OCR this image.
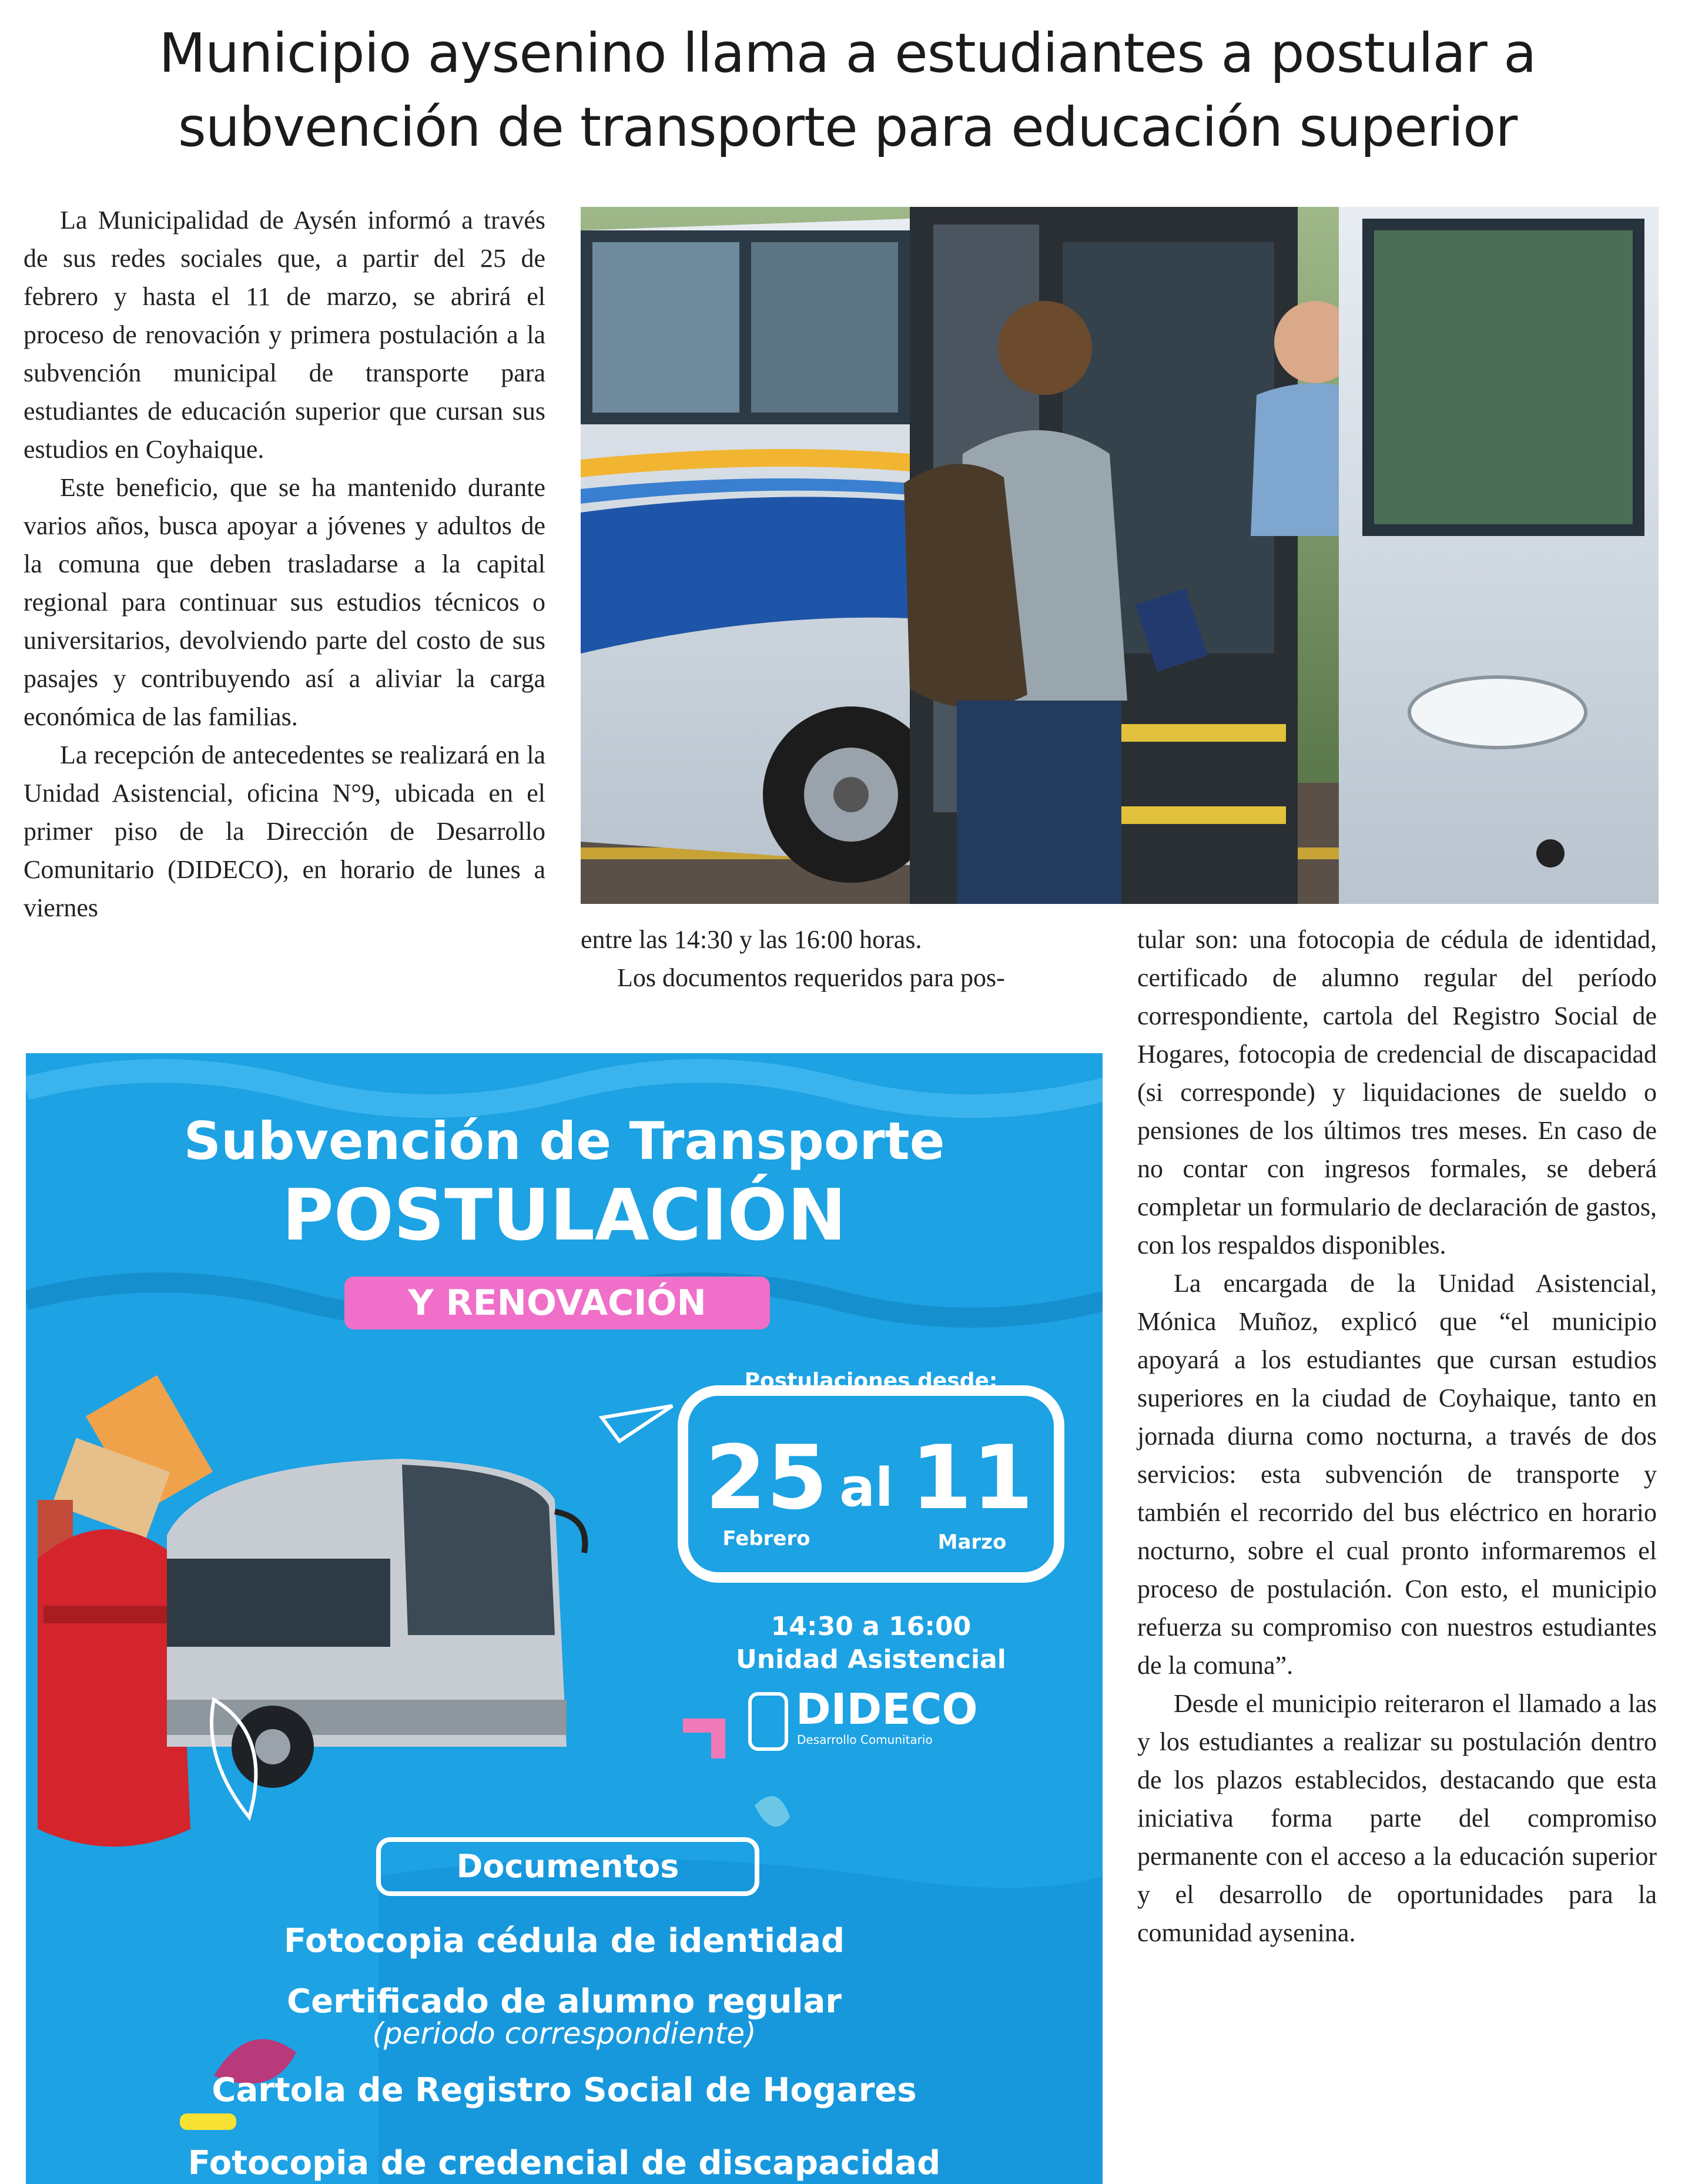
Municipio aysenino llama a estudiantes a postular a
subvención de transporte para educación superior

La Municipalidad de Aysén informó a través de sus redes sociales que, a partir del 25 de febrero y hasta el 11 de marzo, se abrirá el proceso de renovación y primera postulación a la subvención municipal de transporte para estudiantes de educación superior que cursan sus estudios en Coyhaique.

Este beneficio, que se ha mantenido durante varios años, busca apoyar a jóvenes y adultos de la comuna que deben trasladarse a la capital regional para continuar sus estudios técnicos o universitarios, devolviendo parte del costo de sus pasajes y contribuyendo así a aliviar la carga económica de las familias.

La recepción de antecedentes se realizará en la Unidad Asistencial, oficina N°9, ubicada en el primer piso de la Dirección de Desarrollo Comunitario (DIDECO), en horario de lunes a viernes

entre las 14:30 y las 16:00 horas.

Los documentos requeridos para pos-

tular son: una fotocopia de cédula de identidad, certificado de alumno regular del período correspondiente, cartola del Registro Social de Hogares, fotocopia de credencial de discapacidad (si corresponde) y liquidaciones de sueldo o pensiones de los últimos tres meses. En caso de no contar con ingresos formales, se deberá completar un formulario de declaración de gastos, con los respaldos disponibles.

La encargada de la Unidad Asistencial, Mónica Muñoz, explicó que “el municipio apoyará a los estudiantes que cursan estudios superiores en la ciudad de Coyhaique, tanto en jornada diurna como nocturna, a través de dos servicios: esta subvención de transporte y también el recorrido del bus eléctrico en horario nocturno, sobre el cual pronto informaremos el proceso de postulación. Con esto, el municipio refuerza su compromiso con nuestros estudiantes de la comuna”.

Desde el municipio reiteraron el llamado a las y los estudiantes a realizar su postulación dentro de los plazos establecidos, destacando que esta iniciativa forma parte del compromiso permanente con el acceso a la educación superior y el desarrollo de oportunidades para la comunidad aysenina.

Subvención de Transporte
POSTULACIÓN
Y RENOVACIÓN
Postulaciones desde:
25 al 11
Febrero	Marzo
14:30 a 16:00
Unidad Asistencial
DIDECO
Desarrollo Comunitario
Documentos
Fotocopia cédula de identidad
Certificado de alumno regular
(periodo correspondiente)
Cartola de Registro Social de Hogares
Fotocopia de credencial de discapacidad
